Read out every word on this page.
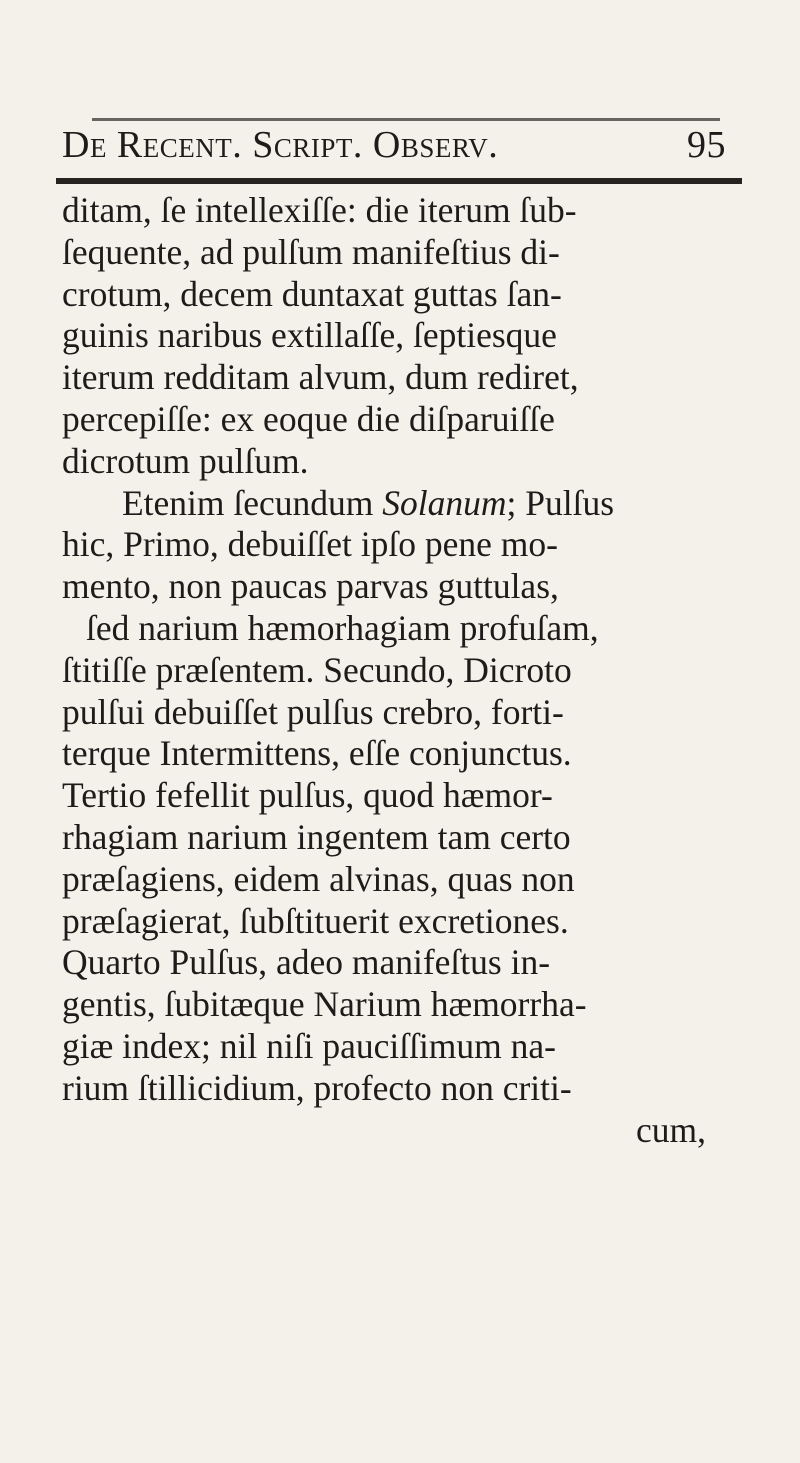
De Recent. Script. Observ.	95
ditam, ſe intellexiſſe: die iterum ſub-
ſequente, ad pulſum manifeſtius di-
crotum, decem duntaxat guttas ſan-
guinis naribus extillaſſe, ſeptiesque
iterum redditam alvum, dum rediret,
percepiſſe: ex eoque die diſparuiſſe
dicrotum pulſum.
Etenim ſecundum Solanum; Pulſus
hic, Primo, debuiſſet ipſo pene mo-
mento, non paucas parvas guttulas,
ſed narium hæmorhagiam profuſam,
ſtitiſſe præſentem. Secundo, Dicroto
pulſui debuiſſet pulſus crebro, forti-
terque Intermittens, eſſe conjunctus.
Tertio fefellit pulſus, quod hæmor-
rhagiam narium ingentem tam certo
præſagiens, eidem alvinas, quas non
præſagierat, ſubſtituerit excretiones.
Quarto Pulſus, adeo manifeſtus in-
gentis, ſubitæque Narium hæmorrha-
giæ index; nil niſi pauciſſimum na-
rium ſtillicidium, profecto non criti-
cum,
